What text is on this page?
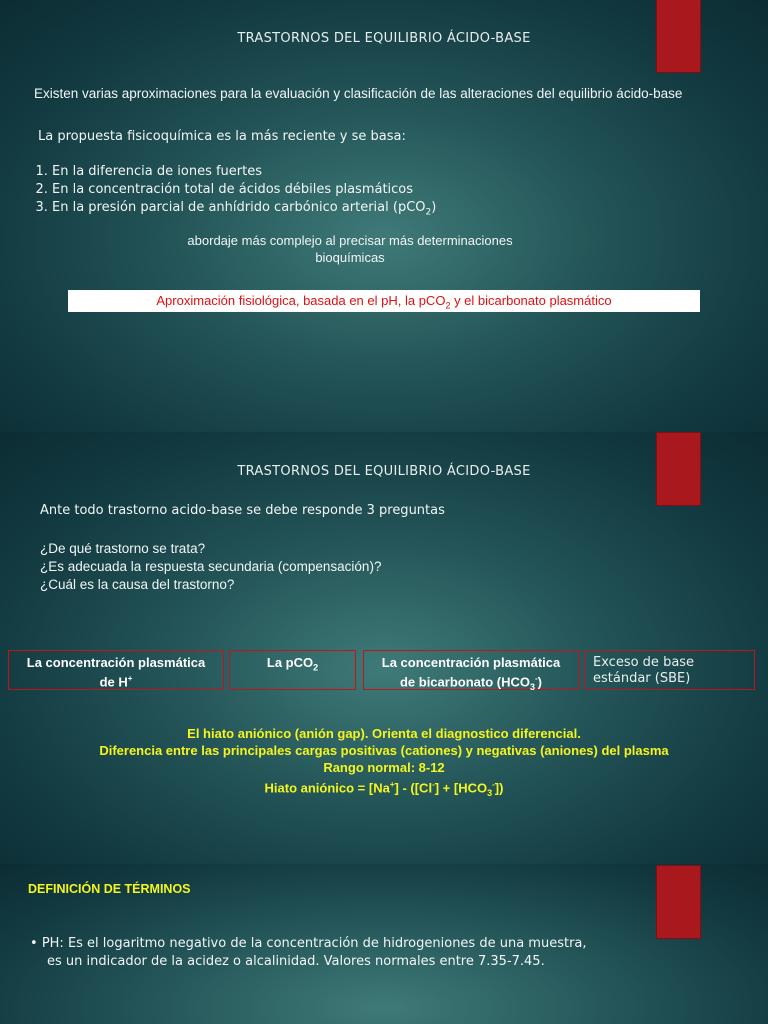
TRASTORNOS DEL EQUILIBRIO ÁCIDO-BASE
Existen varias aproximaciones para la evaluación y clasificación de las alteraciones del equilibrio ácido-base
La propuesta fisicoquímica es la más reciente y se basa:
1. En la diferencia de iones fuertes
2. En la concentración total de ácidos débiles plasmáticos
3. En la presión parcial de anhídrido carbónico arterial (pCO$_2$)
abordaje más complejo al precisar más determinaciones
bioquímicas
Aproximación fisiológica, basada en el pH, la pCO$_2$ y el bicarbonato plasmático
TRASTORNOS DEL EQUILIBRIO ÁCIDO-BASE
Ante todo trastorno acido-base se debe responde 3 preguntas
¿De qué trastorno se trata?
¿Es adecuada la respuesta secundaria (compensación)?
¿Cuál es la causa del trastorno?
La concentración plasmática
de H+
La pCO$_2$	La concentración plasmática
de bicarbonato $(HCO_3^-)$
Exceso de base
estándar (SBE)
El hiato aniónico (anión gap). Orienta el diagnostico diferencial.
Diferencia entre las principales cargas positivas (cationes) y negativas (aniones) del plasma
Rango normal: 8-12
Hiato aniónico = $[Na^+] - ([Cl^-] + [HCO_3^-])$
DEFINICIÓN DE TÉRMINOS
• PH: Es el logaritmo negativo de la concentración de hidrogeniones de una muestra,
es un indicador de la acidez o alcalinidad. Valores normales entre 7.35-7.45.
